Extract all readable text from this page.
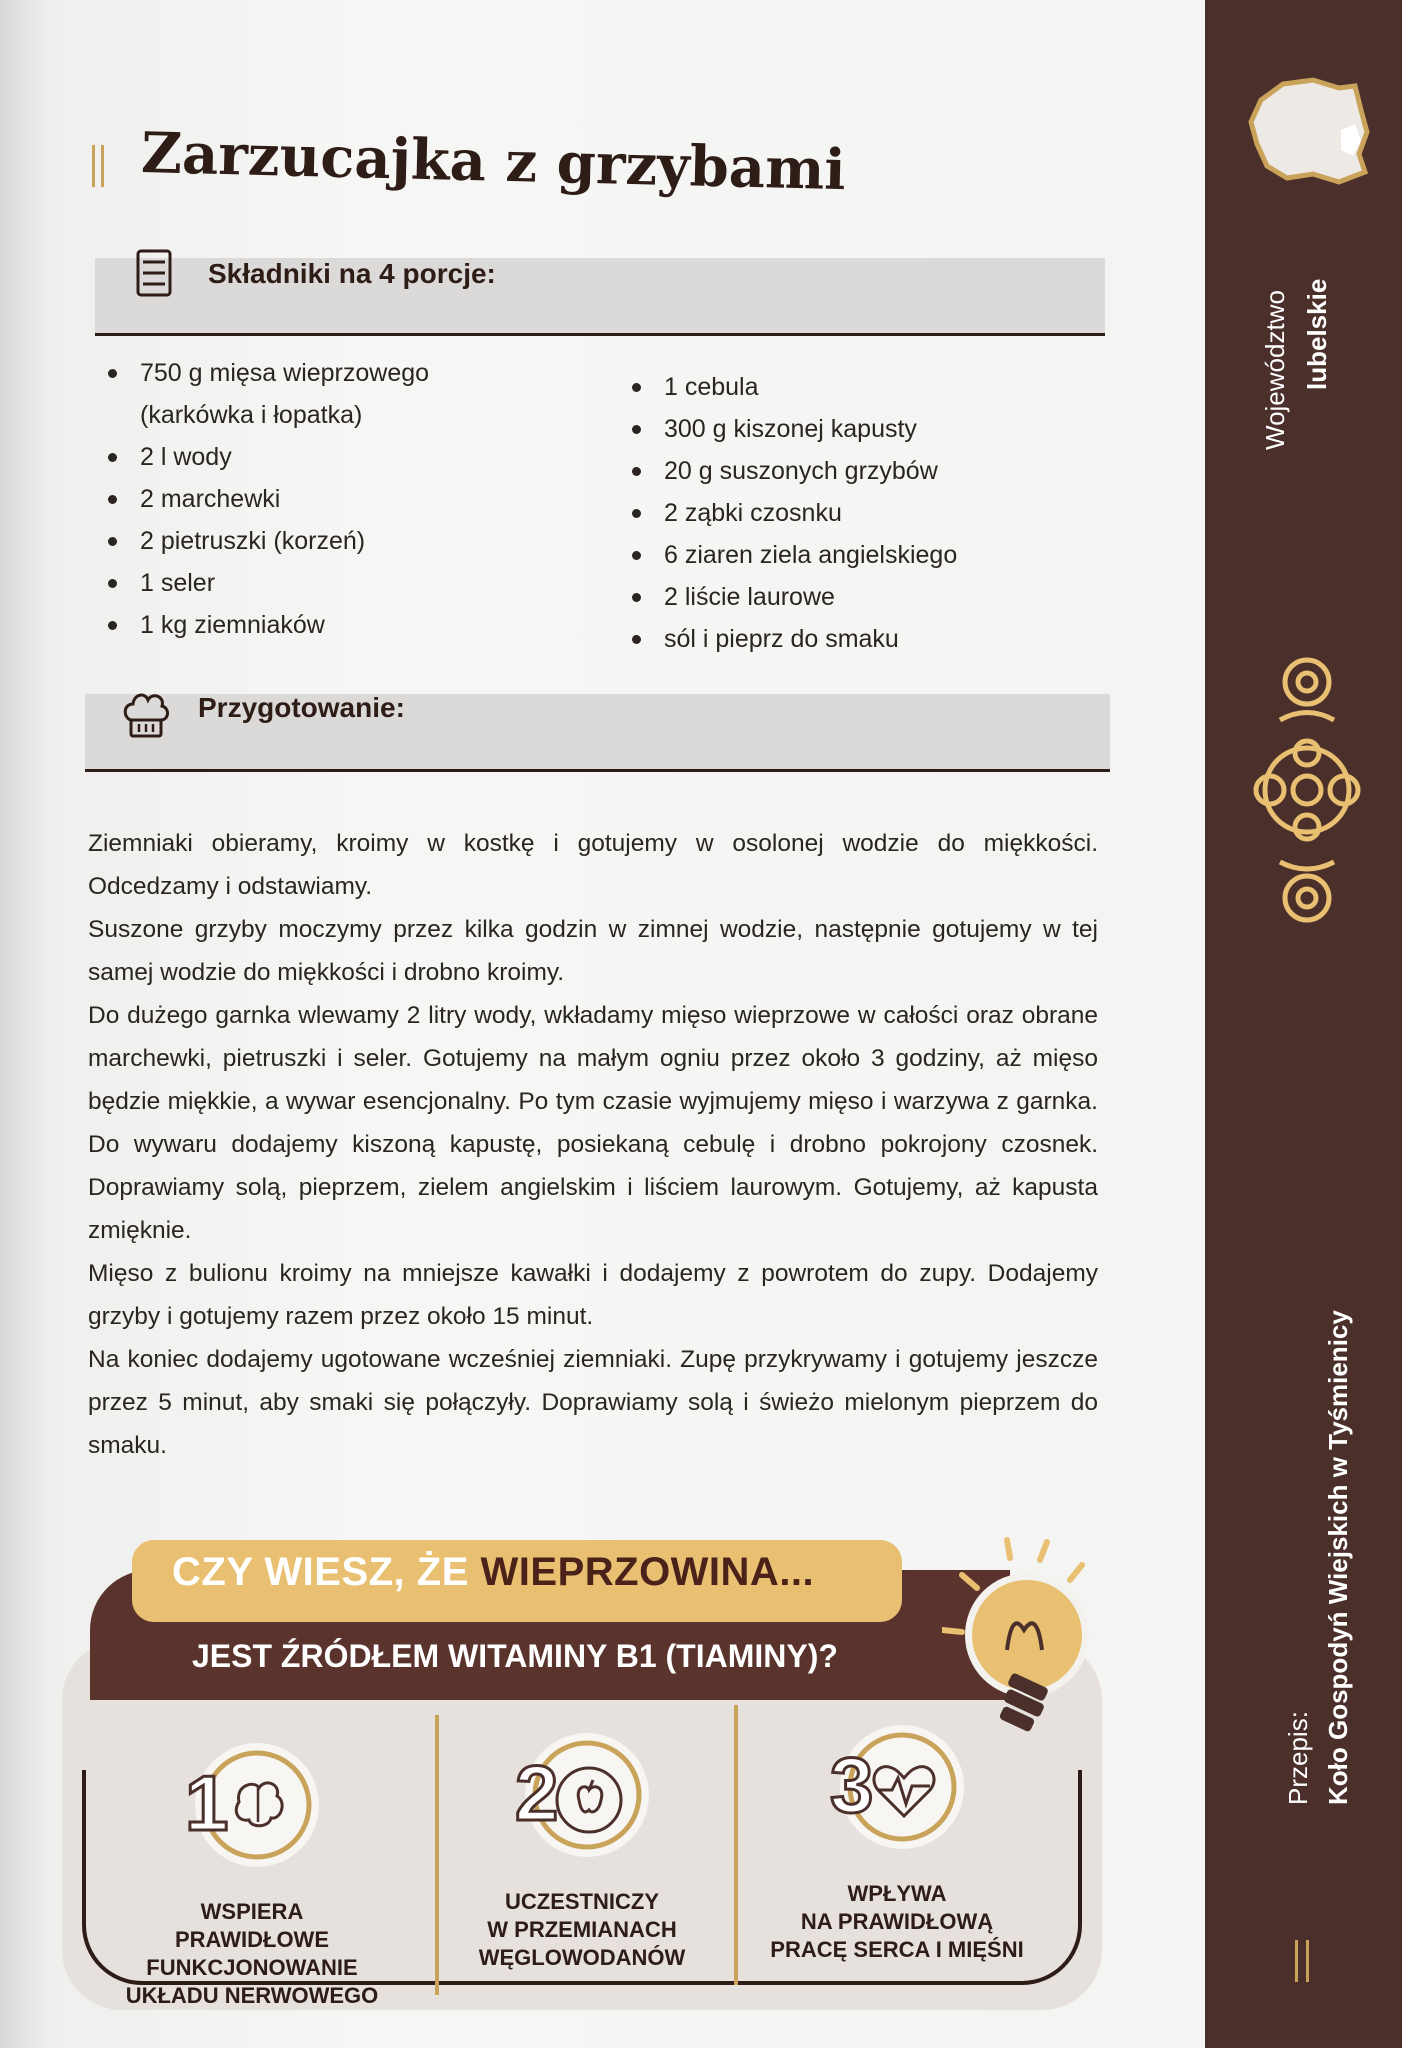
Zarzucajka z grzybami
Składniki na 4 porcje:
750 g mięsa wieprzowego (karkówka i łopatka)
2 l wody
2 marchewki
2 pietruszki (korzeń)
1 seler
1 kg ziemniaków
1 cebula
300 g kiszonej kapusty
20 g suszonych grzybów
2 ząbki czosnku
6 ziaren ziela angielskiego
2 liście laurowe
sól i pieprz do smaku
Przygotowanie:

Ziemniaki obieramy, kroimy w kostkę i gotujemy w osolonej wodzie do miękkości. Odcedzamy i odstawiamy.

Suszone grzyby moczymy przez kilka godzin w zimnej wodzie, następnie gotujemy w tej samej wodzie do miękkości i drobno kroimy.

Do dużego garnka wlewamy 2 litry wody, wkładamy mięso wieprzowe w całości oraz obrane marchewki, pietruszki i seler. Gotujemy na małym ogniu przez około 3 godziny, aż mięso będzie miękkie, a wywar esencjonalny. Po tym czasie wyjmujemy mięso i warzywa z garnka. Do wywaru dodajemy kiszoną kapustę, posiekaną cebulę i drobno pokrojony czosnek. Doprawiamy solą, pieprzem, zielem angielskim i liściem laurowym. Gotujemy, aż kapusta zmięknie.

Mięso z bulionu kroimy na mniejsze kawałki i dodajemy z powrotem do zupy. Dodajemy grzyby i gotujemy razem przez około 15 minut.

Na koniec dodajemy ugotowane wcześniej ziemniaki. Zupę przykrywamy i gotujemy jeszcze przez 5 minut, aby smaki się połączyły. Doprawiamy solą i świeżo mielonym pieprzem do smaku.

CZY WIESZ, ŻE WIEPRZOWINA...
JEST ŹRÓDŁEM WITAMINY B1 (TIAMINY)?
1
WSPIERA PRAWIDŁOWE
FUNKCJONOWANIE
UKŁADU NERWOWEGO
2
UCZESTNICZY
W PRZEMIANACH
WĘGLOWODANÓW
3
WPŁYWA
NA PRAWIDŁOWĄ
PRACĘ SERCA I MIĘŚNI
Województwo lubelskie
Przepis: Koło Gospodyń Wiejskich w Tyśmienicy
